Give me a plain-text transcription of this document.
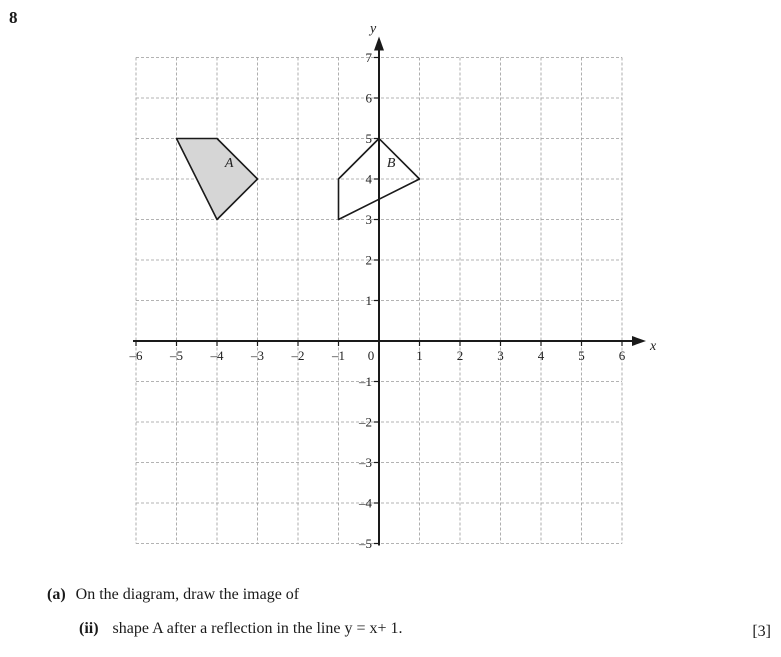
8
A	B
x
y
–6 –5 –4 –3 –2 –1 0	1	2	3	4	5	6
7
6
5
4
3
2
1
–1
–2
–3
–4
–5
(a) On the diagram, draw the image of
(ii) shape A after a reflection in the line y = x+ 1.	[3]
